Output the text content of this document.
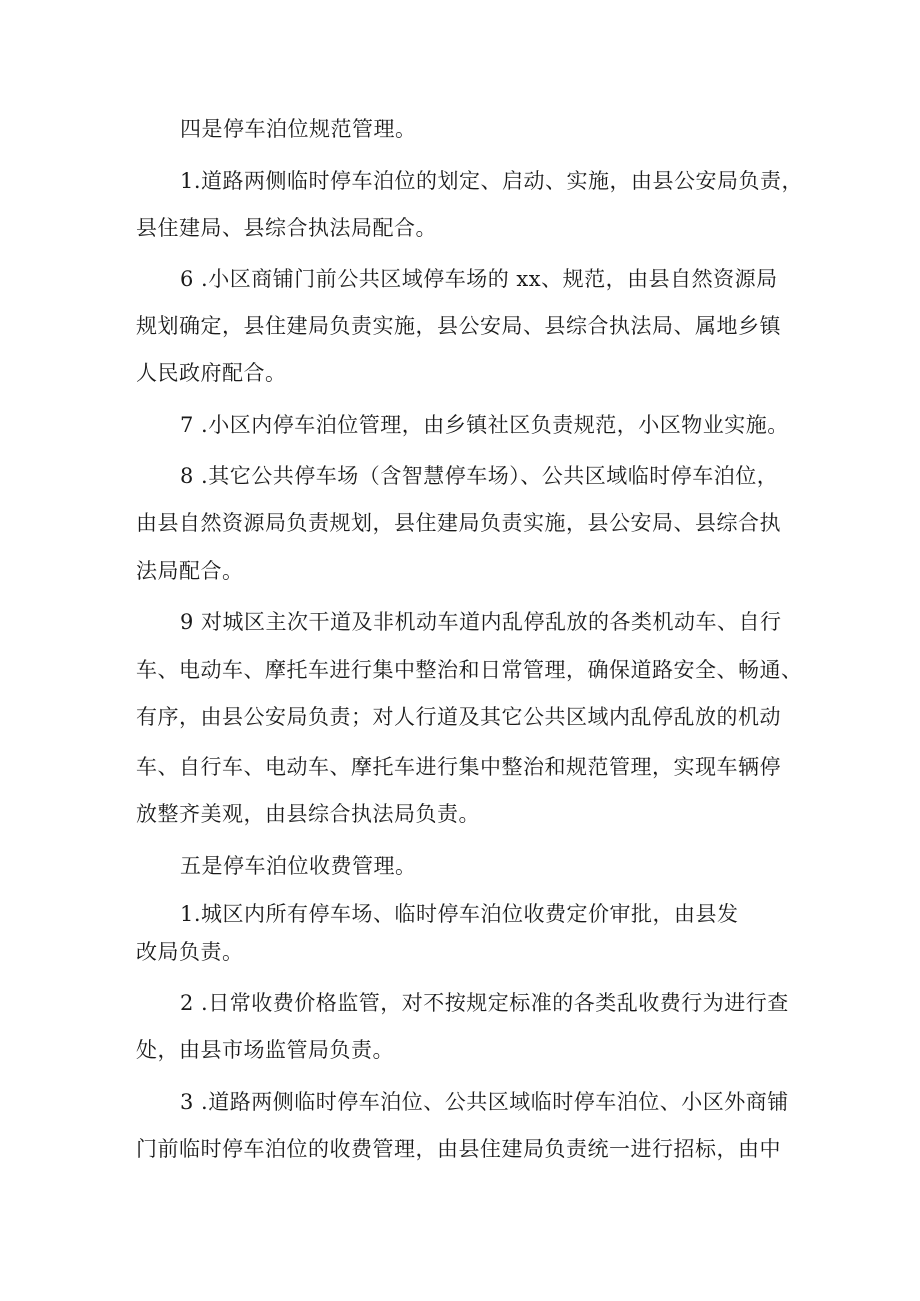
四是停车泊位规范管理。
1.道路两侧临时停车泊位的划定、启动、实施，由县公安局负责，
县住建局、县综合执法局配合。
6 .小区商铺门前公共区域停车场的 xx、规范，由县自然资源局
规划确定，县住建局负责实施，县公安局、县综合执法局、属地乡镇
人民政府配合。
7 .小区内停车泊位管理，由乡镇社区负责规范，小区物业实施。
8 .其它公共停车场（含智慧停车场）、公共区域临时停车泊位，
由县自然资源局负责规划，县住建局负责实施，县公安局、县综合执
法局配合。
9 对城区主次干道及非机动车道内乱停乱放的各类机动车、自行
车、电动车、摩托车进行集中整治和日常管理，确保道路安全、畅通、
有序，由县公安局负责；对人行道及其它公共区域内乱停乱放的机动
车、自行车、电动车、摩托车进行集中整治和规范管理，实现车辆停
放整齐美观，由县综合执法局负责。
五是停车泊位收费管理。
1.城区内所有停车场、临时停车泊位收费定价审批，由县发
改局负责。
2 .日常收费价格监管，对不按规定标准的各类乱收费行为进行查
处，由县市场监管局负责。
3 .道路两侧临时停车泊位、公共区域临时停车泊位、小区外商铺
门前临时停车泊位的收费管理，由县住建局负责统一进行招标，由中
